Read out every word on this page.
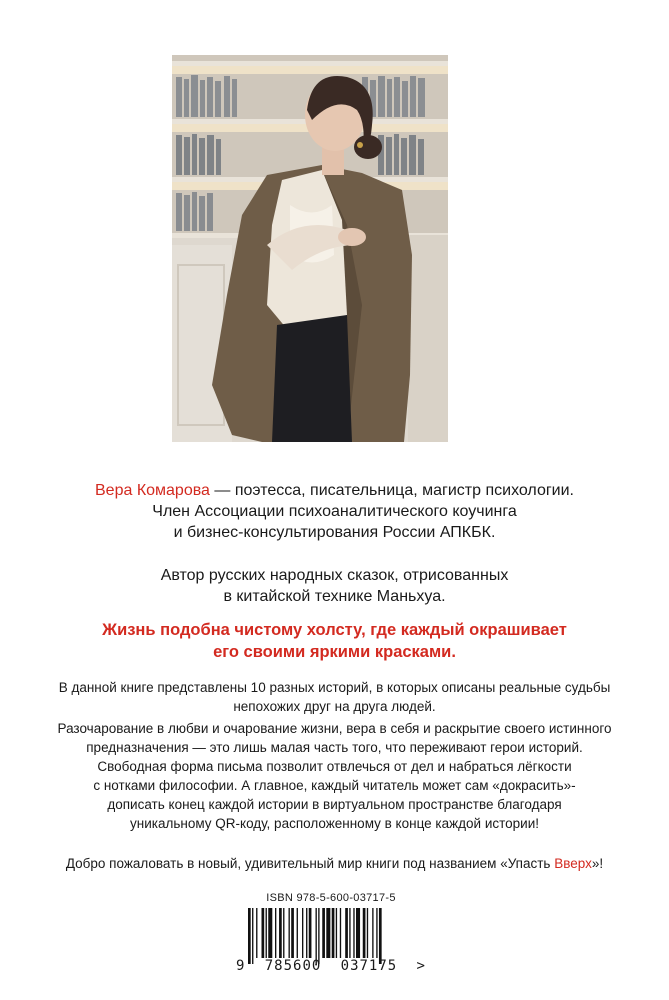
Вера Комарова — поэтесса, писательница, магистр психологии.
Член Ассоциации психоаналитического коучинга
и бизнес-консультирования России АПКБК.
Автор русских народных сказок, отрисованных
в китайской технике Маньхуа.
Жизнь подобна чистому холсту, где каждый окрашивает
его своими яркими красками.
В данной книге представлены 10 разных историй, в которых описаны реальные судьбы
непохожих друг на друга людей.
Разочарование в любви и очарование жизни, вера в себя и раскрытие своего истинного
предназначения — это лишь малая часть того, что переживают герои историй.
Свободная форма письма позволит отвлечься от дел и набраться лёгкости
с нотками философии. А главное, каждый читатель может сам «докрасить»-
дописать конец каждой истории в виртуальном пространстве благодаря
уникальному QR-коду, расположенному в конце каждой истории!
Добро пожаловать в новый, удивительный мир книги под названием «Упасть Вверх»!
ISBN 978-5-600-03717-5
9 785600 037175 >
